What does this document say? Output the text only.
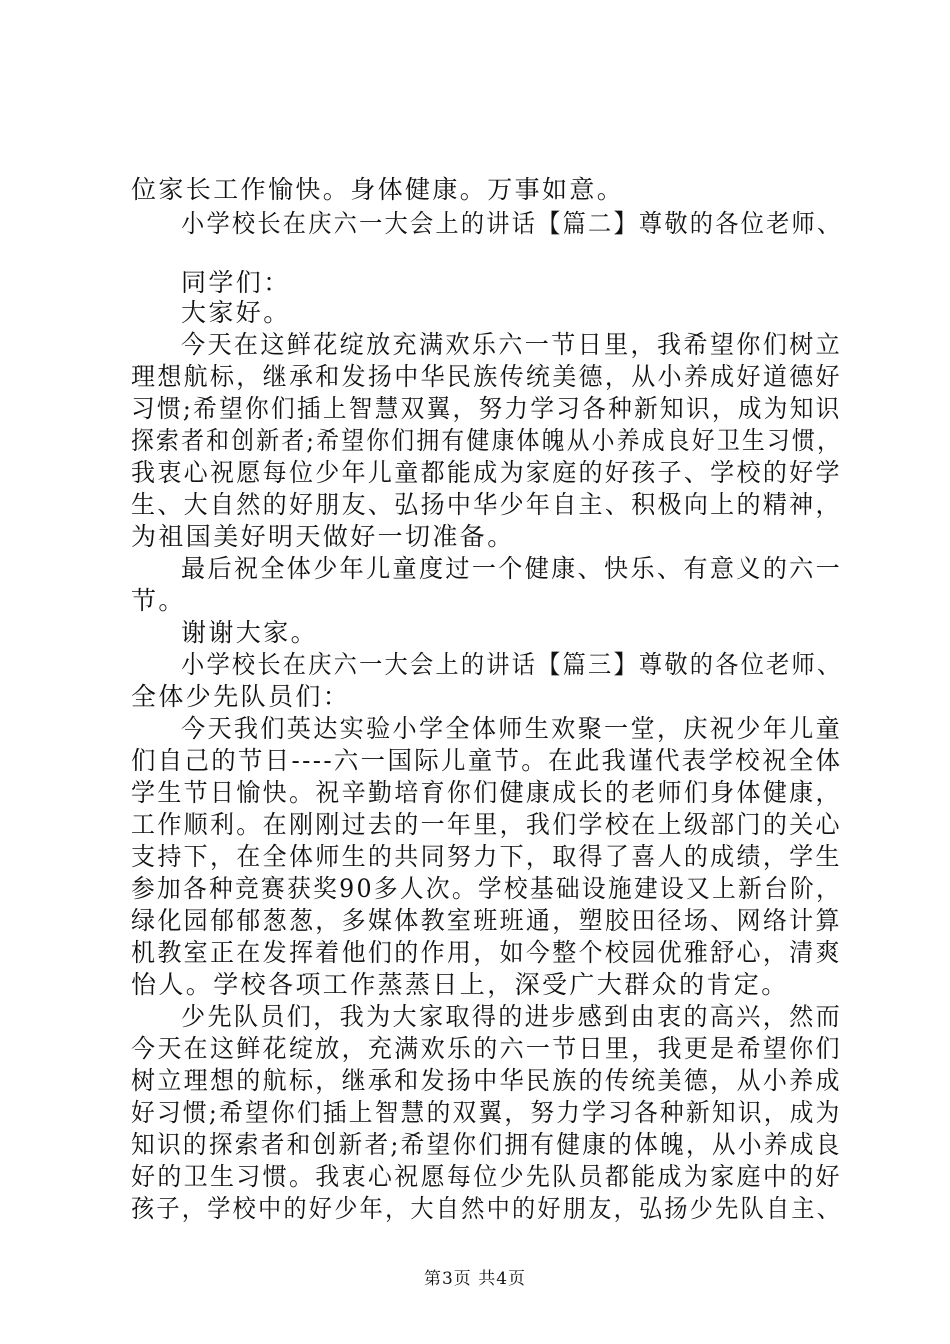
位家长工作愉快。身体健康。万事如意。
小学校长在庆六一大会上的讲话【篇二】尊敬的各位老师、
同学们：
大家好。
今天在这鲜花绽放充满欢乐六一节日里，我希望你们树立
理想航标，继承和发扬中华民族传统美德，从小养成好道德好
习惯;希望你们插上智慧双翼，努力学习各种新知识，成为知识
探索者和创新者;希望你们拥有健康体魄从小养成良好卫生习惯，
我衷心祝愿每位少年儿童都能成为家庭的好孩子、学校的好学
生、大自然的好朋友、弘扬中华少年自主、积极向上的精神，
为祖国美好明天做好一切准备。
最后祝全体少年儿童度过一个健康、快乐、有意义的六一
节。
谢谢大家。
小学校长在庆六一大会上的讲话【篇三】尊敬的各位老师、
全体少先队员们：
今天我们英达实验小学全体师生欢聚一堂，庆祝少年儿童
们自己的节日----六一国际儿童节。在此我谨代表学校祝全体
学生节日愉快。祝辛勤培育你们健康成长的老师们身体健康，
工作顺利。在刚刚过去的一年里，我们学校在上级部门的关心
支持下，在全体师生的共同努力下，取得了喜人的成绩，学生
参加各种竞赛获奖90多人次。学校基础设施建设又上新台阶，
绿化园郁郁葱葱，多媒体教室班班通，塑胶田径场、网络计算
机教室正在发挥着他们的作用，如今整个校园优雅舒心，清爽
怡人。学校各项工作蒸蒸日上，深受广大群众的肯定。
少先队员们，我为大家取得的进步感到由衷的高兴，然而
今天在这鲜花绽放，充满欢乐的六一节日里，我更是希望你们
树立理想的航标，继承和发扬中华民族的传统美德，从小养成
好习惯;希望你们插上智慧的双翼，努力学习各种新知识，成为
知识的探索者和创新者;希望你们拥有健康的体魄，从小养成良
好的卫生习惯。我衷心祝愿每位少先队员都能成为家庭中的好
孩子，学校中的好少年，大自然中的好朋友，弘扬少先队自主、
第3页 共4页
